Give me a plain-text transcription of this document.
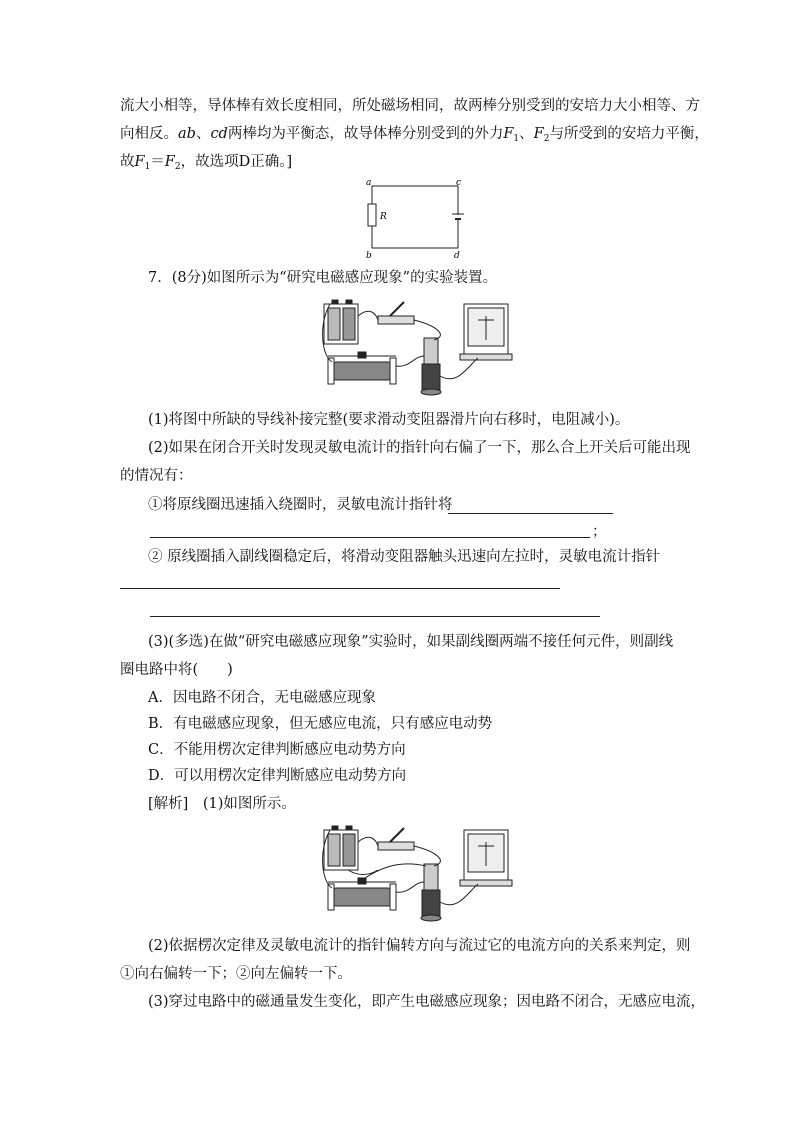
流大小相等，导体棒有效长度相同，所处磁场相同，故两棒分别受到的安培力大小相等、方
向相反。ab、cd两棒均为平衡态，故导体棒分别受到的外力$F_1$、$F_2$与所受到的安培力平衡，
故$F_1=F_2$，故选项D正确。]
a	c
b	d
R
7．(8分)如图所示为“研究电磁感应现象”的实验装置。
(1)将图中所缺的导线补接完整(要求滑动变阻器滑片向右移时，电阻减小)。
(2)如果在闭合开关时发现灵敏电流计的指针向右偏了一下，那么合上开关后可能出现
的情况有：
①将原线圈迅速插入绕圈时，灵敏电流计指针将
；
② 原线圈插入副线圈稳定后，将滑动变阻器触头迅速向左拉时，灵敏电流计指针
(3)(多选)在做“研究电磁感应现象”实验时，如果副线圈两端不接任何元件，则副线
圈电路中将(　　)
A．因电路不闭合，无电磁感应现象
B．有电磁感应现象，但无感应电流，只有感应电动势
C．不能用楞次定律判断感应电动势方向
D．可以用楞次定律判断感应电动势方向
[解析]　(1)如图所示。
(2)依据楞次定律及灵敏电流计的指针偏转方向与流过它的电流方向的关系来判定，则
①向右偏转一下；②向左偏转一下。
(3)穿过电路中的磁通量发生变化，即产生电磁感应现象；因电路不闭合，无感应电流，
